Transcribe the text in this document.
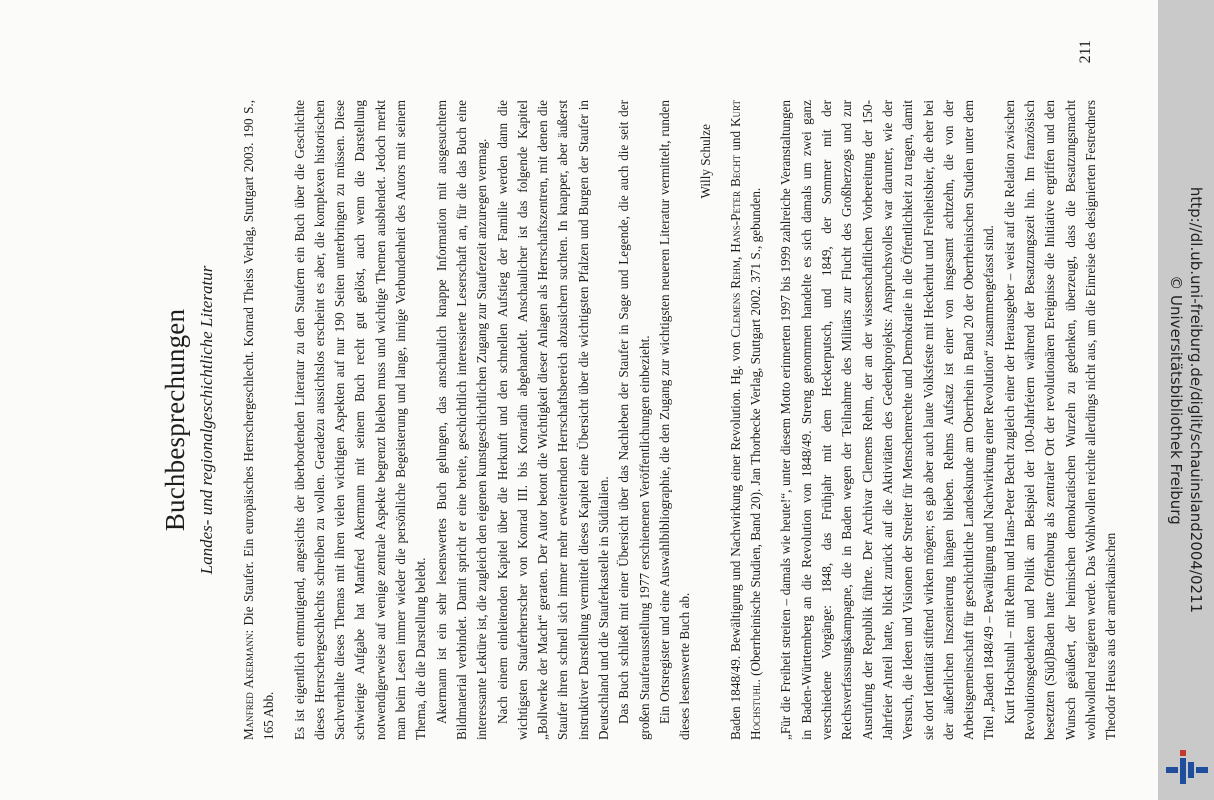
Buchbesprechungen Landes- und regionalgeschichtliche Literatur

Manfred Akermann: Die Staufer. Ein europäisches Herrschergeschlecht. Konrad Theiss Verlag, Stuttgart 2003. 190 S., 165 Abb. Es ist eigentlich entmutigend, angesichts der überbordenden Literatur zu den Staufern ein Buch über die Geschichte dieses Herrschergeschlechts schreiben zu wollen. Geradezu aussichtslos erscheint es aber, die komplexen historischen Sachverhalte dieses Themas mit ihren vielen wichtigen Aspekten auf nur 190 Seiten unterbringen zu müssen. Diese schwierige Aufgabe hat Manfred Akermann mit seinem Buch recht gut gelöst, auch wenn die Darstellung notwendigerweise auf wenige zentrale Aspekte begrenzt bleiben muss und wichtige Themen ausblendet. Jedoch merkt man beim Lesen immer wieder die persönliche Begeisterung und lange, innige Verbundenheit des Autors mit seinem Thema, die die Darstellung belebt. Akermann ist ein sehr lesenswertes Buch gelungen, das anschaulich knappe Information mit ausgesuchtem Bildmaterial verbindet. Damit spricht er eine breite, geschichtlich interessierte Leserschaft an, für die das Buch eine interessante Lektüre ist, die zugleich den eigenen kunstgeschichtlichen Zugang zur Stauferzeit anzuregen vermag. Nach einem einleitenden Kapitel über die Herkunft und den schnellen Aufstieg der Familie werden dann die wichtigsten Stauferherrscher von Konrad III. bis Konradin abgehandelt. Anschaulicher ist das folgende Kapitel „Bollwerke der Macht“ geraten. Der Autor betont die Wichtigkeit dieser Anlagen als Herrschaftszentren, mit denen die Staufer ihren schnell sich immer mehr erweiternden Herrschaftsbereich abzusichern suchten. In knapper, aber äußerst instruktiver Darstellung vermittelt dieses Kapitel eine Übersicht über die wichtigsten Pfalzen und Burgen der Staufer in Deutschland und die Stauferkastelle in Süditalien. Das Buch schließt mit einer Übersicht über das Nachleben der Staufer in Sage und Legende, die auch die seit der großen Stauferausstellung 1977 erschienenen Veröffentlichungen einbezieht. Ein Ortsregister und eine Auswahlbibliographie, die den Zugang zur wichtigsten neueren Literatur vermittelt, runden dieses lesenswerte Buch ab.

Willy Schulze

Baden 1848/49. Bewältigung und Nachwirkung einer Revolution. Hg. von Clemens Rehm, Hans-Peter Becht und Kurt Hochstuhl. (Oberrheinische Studien, Band 20). Jan Thorbecke Verlag, Stuttgart 2002. 371 S., gebunden. „Für die Freiheit streiten – damals wie heute!“, unter diesem Motto erinnerten 1997 bis 1999 zahlreiche Veranstaltungen in Baden-Württemberg an die Revolution von 1848/49. Streng genommen handelte es sich damals um zwei ganz verschiedene Vorgänge: 1848, das Frühjahr mit dem Heckerputsch, und 1849, der Sommer mit der Reichsverfassungskampagne, die in Baden wegen der Teilnahme des Militärs zur Flucht des Großherzogs und zur Ausrufung der Republik führte. Der Archivar Clemens Rehm, der an der wissenschaftlichen Vorbereitung der 150-Jahrfeier Anteil hatte, blickt zurück auf die Aktivitäten des Gedenkprojekts: Anspruchsvolles war darunter, wie der Versuch, die Ideen und Visionen der Streiter für Menschenrechte und Demokratie in die Öffentlichkeit zu tragen, damit sie dort Identität stiftend wirken mögen; es gab aber auch laute Volksfeste mit Heckerhut und Freiheitsbier, die eher bei der äußerlichen Inszenierung hängen blieben. Rehms Aufsatz ist einer von insgesamt achtzehn, die von der Arbeitsgemeinschaft für geschichtliche Landeskunde am Oberrhein in Band 20 der Oberrheinischen Studien unter dem Titel „Baden 1848/49 – Bewältigung und Nachwirkung einer Revolution“ zusammengefasst sind. Kurt Hochstuhl – mit Rehm und Hans-Peter Becht zugleich einer der Herausgeber – weist auf die Relation zwischen Revolutionsgedenken und Politik am Beispiel der 100-Jahrfeiern während der Besatzungszeit hin. Im französisch besetzten (Süd)Baden hatte Offenburg als zentraler Ort der revolutionären Ereignisse die Initiative ergriffen und den Wunsch geäußert, der heimischen demokratischen Wurzeln zu gedenken, überzeugt, dass die Besatzungsmacht wohlwollend reagieren werde. Das Wohlwollen reichte allerdings nicht aus, um die Einreise des designierten Festredners Theodor Heuss aus der amerikanischen

211
http://dl.ub.uni-freiburg.de/diglit/schauinsland2004/0211
© Universitätsbibliothek Freiburg
